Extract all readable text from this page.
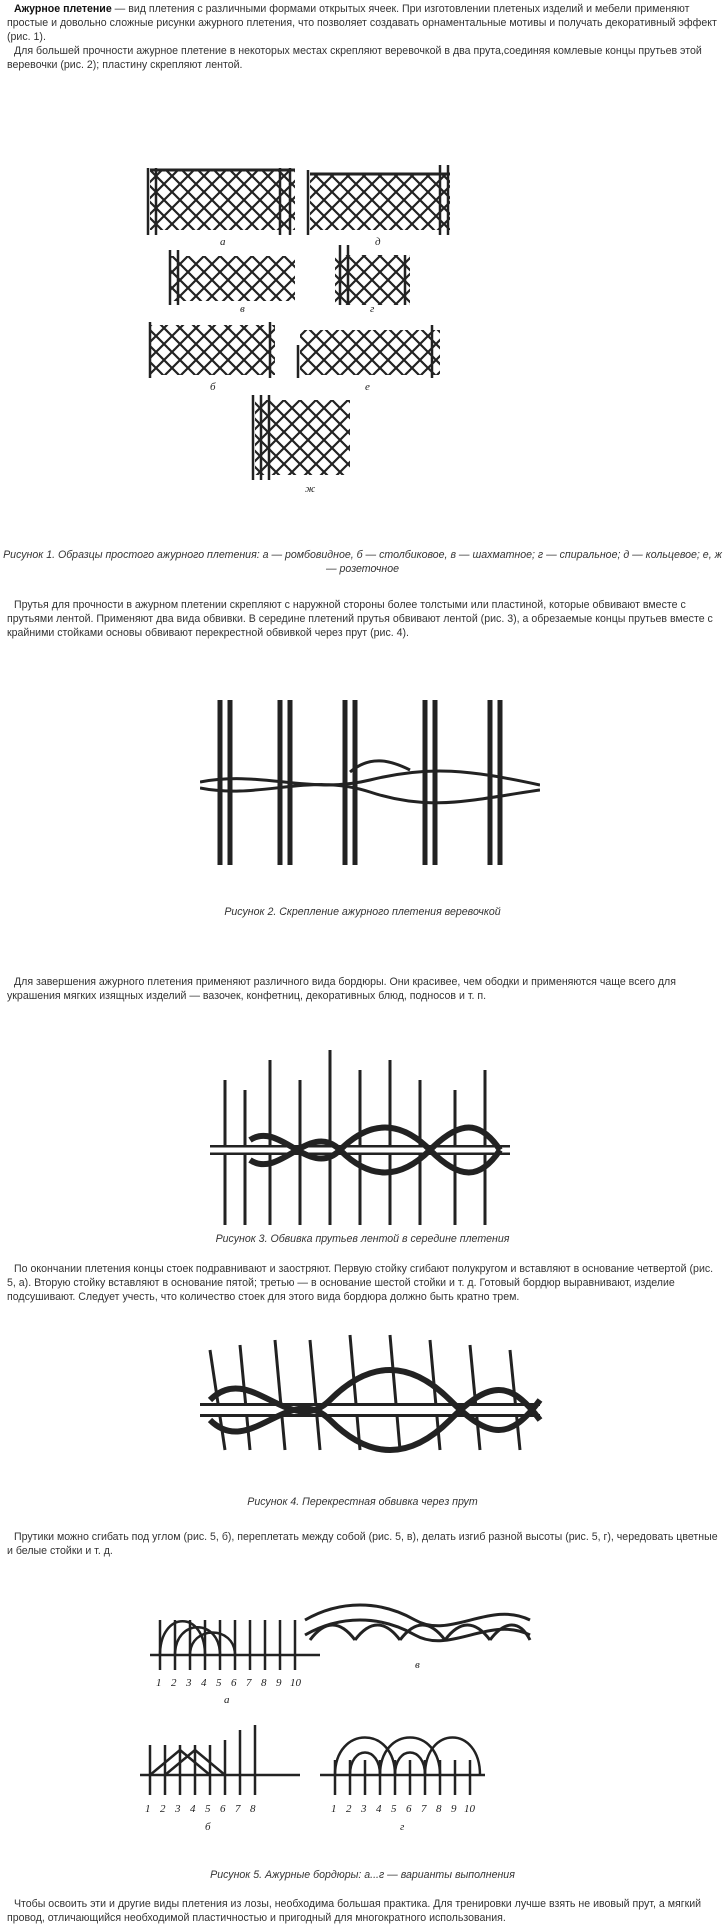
Ажурное плетение — вид плетения с различными формами открытых ячеек. При изготовлении плетеных изделий и мебели применяют простые и довольно сложные рисунки ажурного плетения, что позволяет создавать орнаментальные мотивы и получать декоративный эффект (рис. 1).

Для большей прочности ажурное плетение в некоторых местах скрепляют веревочкой в два прута,соединяя комлевые концы прутьев этой веревочки (рис. 2); пластину скрепляют лентой.

а	д
в	г
б	е
ж
Рисунок 1. Образцы простого ажурного плетения: а — ромбовидное, б — столбиковое, в — шахматное; г — спиральное; д — кольцевое; е, ж — розеточное

Прутья для прочности в ажурном плетении скрепляют с наружной стороны более толстыми или пластиной, которые обвивают вместе с прутьями лентой. Применяют два вида обвивки. В середине плетений прутья обвивают лентой (рис. 3), а обрезаемые концы прутьев вместе с крайними стойками основы обвивают перекрестной обвивкой через прут (рис. 4).

Рисунок 2. Скрепление ажурного плетения веревочкой

Для завершения ажурного плетения применяют различного вида бордюры. Они красивее, чем ободки и применяются чаще всего для украшения мягких изящных изделий — вазочек, конфетниц, декоративных блюд, подносов и т. п.

Рисунок 3. Обвивка прутьев лентой в середине плетения

По окончании плетения концы стоек подравнивают и заостряют. Первую стойку сгибают полукругом и вставляют в основание четвертой (рис. 5, а). Вторую стойку вставляют в основание пятой; третью — в основание шестой стойки и т. д. Готовый бордюр выравнивают, изделие подсушивают. Следует учесть, что количество стоек для этого вида бордюра должно быть кратно трем.

Рисунок 4. Перекрестная обвивка через прут

Прутики можно сгибать под углом (рис. 5, б), переплетать между собой (рис. 5, в), делать изгиб разной высоты (рис. 5, г), чередовать цветные и белые стойки и т. д.

1 2 3 4 5 6 7 8 9 10
а
в
1 2 3 4 5 6 7 8
б
1 2 3 4 5 6 7 8 9 10
г
Рисунок 5. Ажурные бордюры: а...г — варианты выполнения

Чтобы освоить эти и другие виды плетения из лозы, необходима большая практика. Для тренировки лучше взять не ивовый прут, а мягкий провод, отличающийся необходимой пластичностью и пригодный для многократного использования.
